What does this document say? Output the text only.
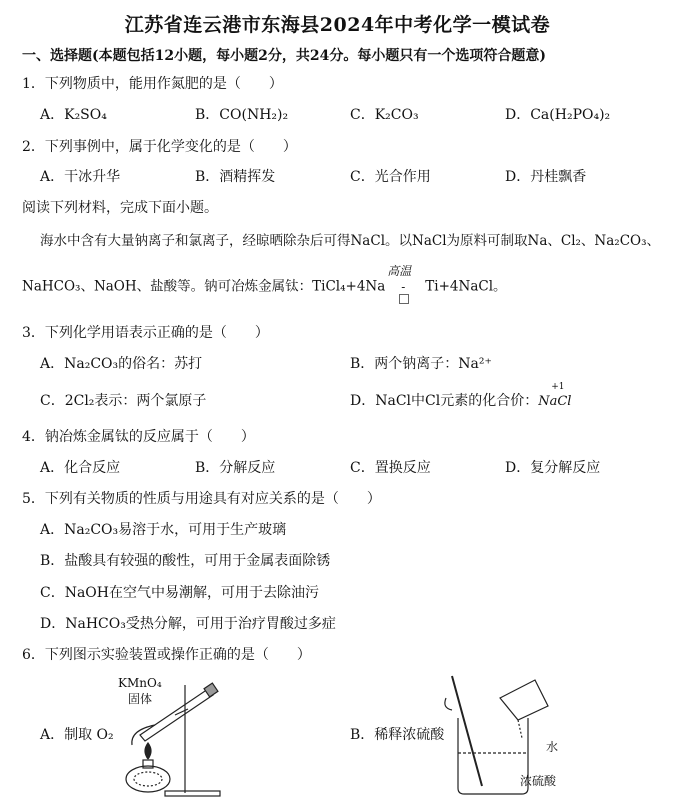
江苏省连云港市东海县2024年中考化学一模试卷
一、选择题(本题包括12小题，每小题2分，共24分。每小题只有一个选项符合题意)
1．下列物质中，能用作氮肥的是（　　）
A．K₂SO₄	B．CO(NH₂)₂	C．K₂CO₃	D．Ca(H₂PO₄)₂
2．下列事例中，属于化学变化的是（　　）
A．干冰升华	B．酒精挥发	C．光合作用	D．丹桂飘香
阅读下列材料，完成下面小题。
海水中含有大量钠离子和氯离子，经晾晒除杂后可得NaCl。以NaCl为原料可制取Na、Cl₂、Na₂CO₃、
NaHCO₃、NaOH、盐酸等。钠可冶炼金属钛：TiCl₄+4Na
高温
- Ti+4NaCl。
3．下列化学用语表示正确的是（　　）
A．Na₂CO₃的俗名：苏打	B．两个钠离子：Na²⁺
C．2Cl₂表示：两个氯原子	D．NaCl中Cl元素的化合价：
+1
NaCl
4．钠冶炼金属钛的反应属于（　　）
A．化合反应	B．分解反应	C．置换反应	D．复分解反应
5．下列有关物质的性质与用途具有对应关系的是（　　）
A．Na₂CO₃易溶于水，可用于生产玻璃
B．盐酸具有较强的酸性，可用于金属表面除锈
C．NaOH在空气中易潮解，可用于去除油污
D．NaHCO₃受热分解，可用于治疗胃酸过多症
6．下列图示实验装置或操作正确的是（　　）
A．制取 O₂	B．稀释浓硫酸
KMnO₄
固体
水
浓硫酸
